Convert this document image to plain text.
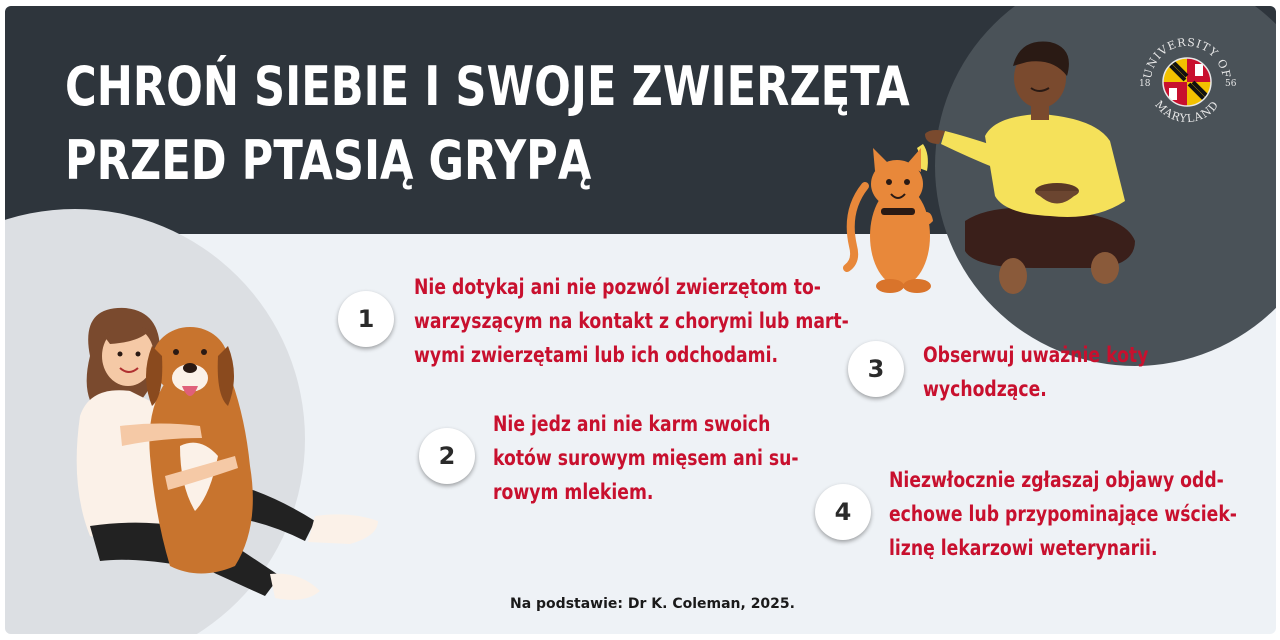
CHROŃ SIEBIE I SWOJE ZWIERZĘTA
PRZED PTASIĄ GRYPĄ
UNIVERSITY OF
MARYLAND
18	56
1
Nie dotykaj ani nie pozwól zwierzętom to-
warzyszącym na kontakt z chorymi lub mart-
wymi zwierzętami lub ich odchodami.
2
Nie jedz ani nie karm swoich
kotów surowym mięsem ani su-
rowym mlekiem.
3	Obserwuj uważnie koty
wychodzące.
4
Niezwłocznie zgłaszaj objawy odd-
echowe lub przypominające wściek-
liznę lekarzowi weterynarii.
Na podstawie: Dr K. Coleman, 2025.
